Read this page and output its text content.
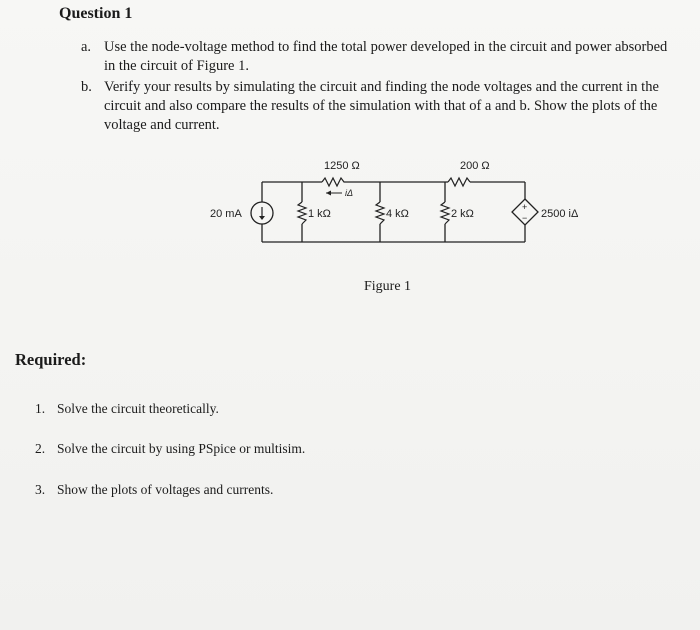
Question 1
a. Use the node-voltage method to find the total power developed in the circuit and power absorbed in the circuit of Figure 1.
b. Verify your results by simulating the circuit and finding the node voltages and the current in the circuit and also compare the results of the simulation with that of a and b. Show the plots of the voltage and current.
+
−
20 mA
1250 Ω
iΔ
200 Ω
1 kΩ	4 kΩ	2 kΩ	2500 iΔ
Figure 1
Required:
1. Solve the circuit theoretically.
2. Solve the circuit by using PSpice or multisim.
3. Show the plots of voltages and currents.
